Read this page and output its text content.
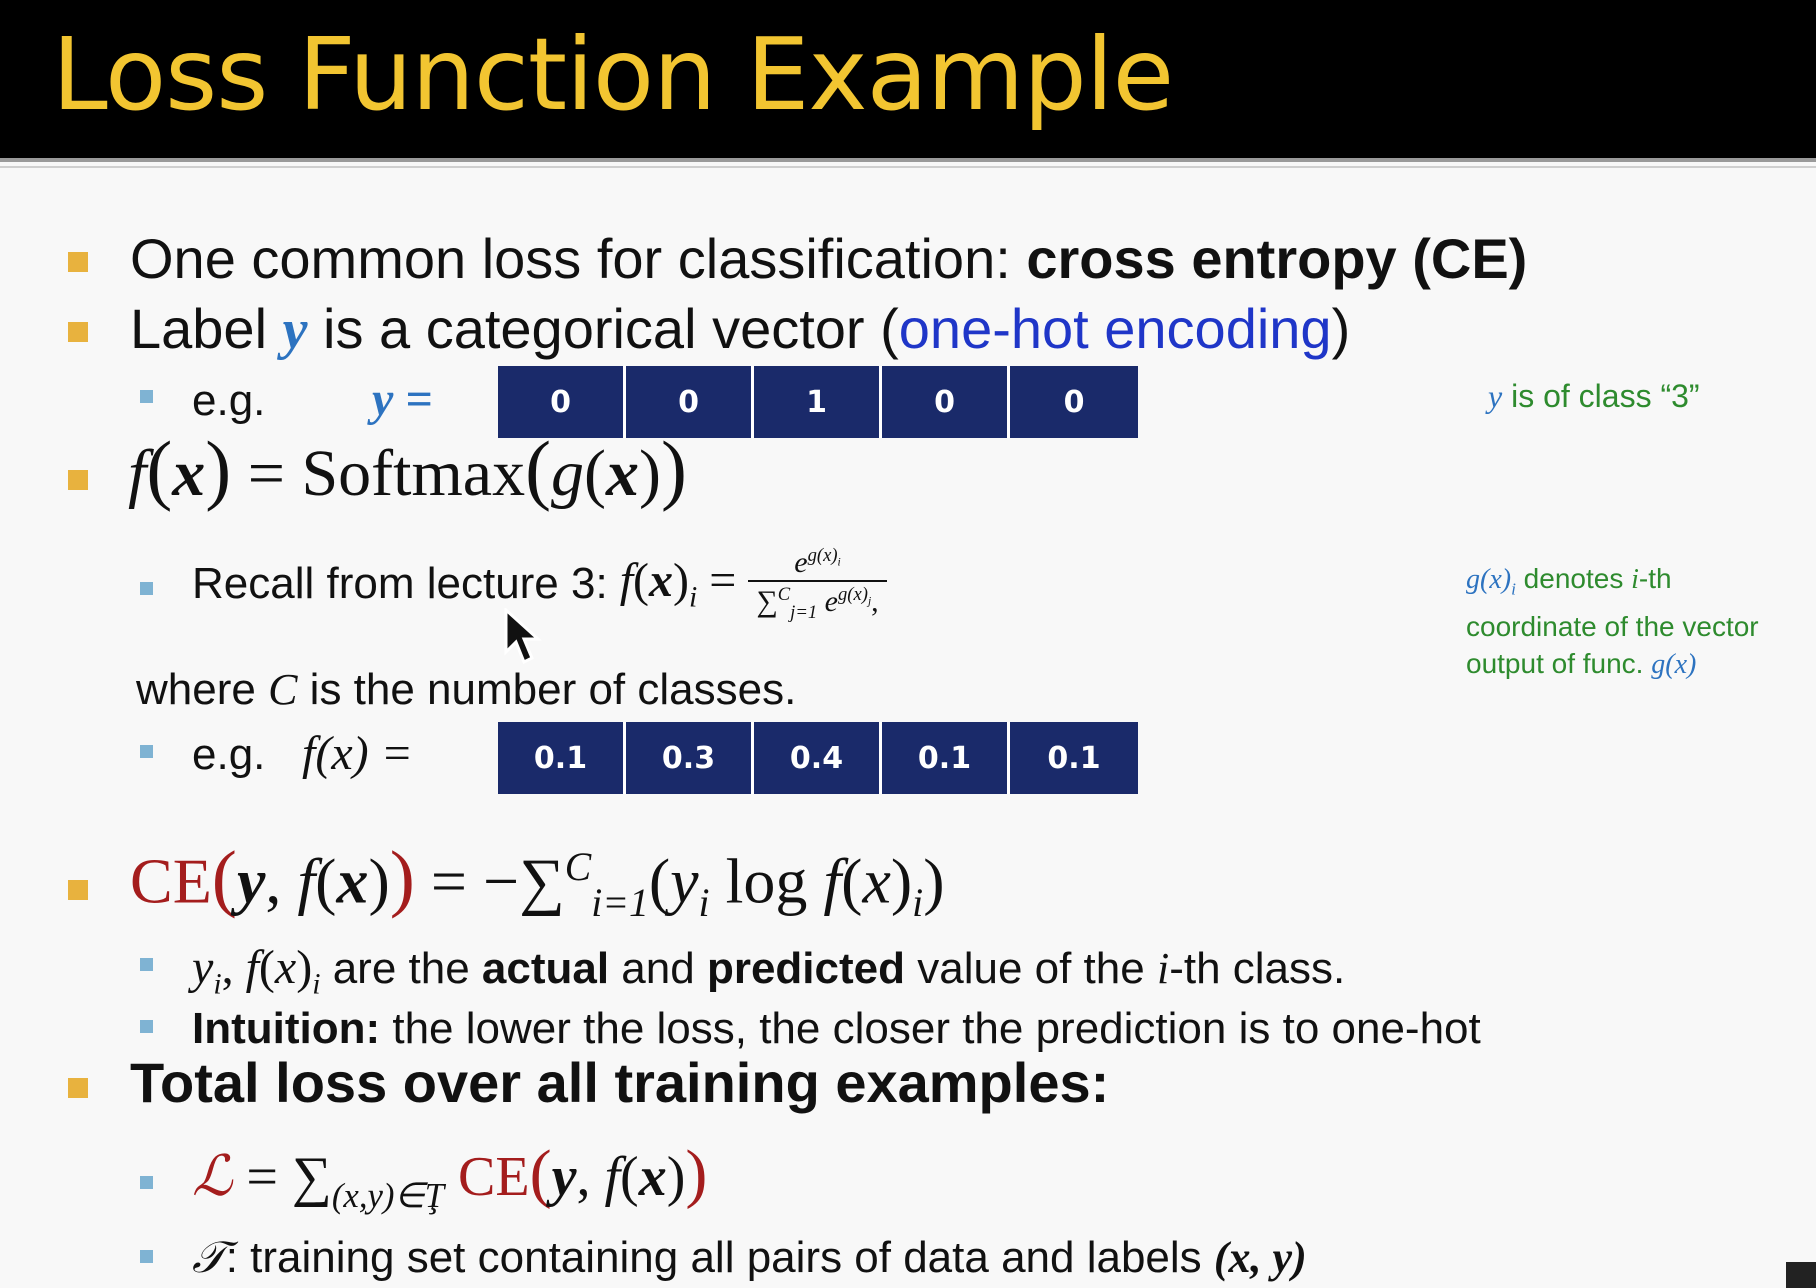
Loss Function Example
One common loss for classification: cross entropy (CE)
Label y is a categorical vector (one-hot encoding)
e.g. y =	0	0	1	0	0	y is of class “3”
f(x) = Softmax(g(x))
Recall from lecture 3: $f(x)_i = \frac{e^{g(x)_i}}{\sum^C_{j=1} e^{g(x)_j},}$	$g(x)_i$ denotes i-th
coordinate of the vector
output of func. g(x)
where C is the number of classes.
e.g. f(x) =	0.1	0.3	0.4	0.1	0.1
CE(y, $f(x)) = -\sum^C_{i=1}(y_i$ $\log f(x)_i$)
$y_i$, $f(x)_i$ are the actual and predicted value of the i-th class.
Intuition: the lower the loss, the closer the prediction is to one-hot
Total loss over all training examples:
ℒ = $\sum_{(x,y)\in Ţ}$ CE(y, f(x))
𝒯: training set containing all pairs of data and labels (x, y)
